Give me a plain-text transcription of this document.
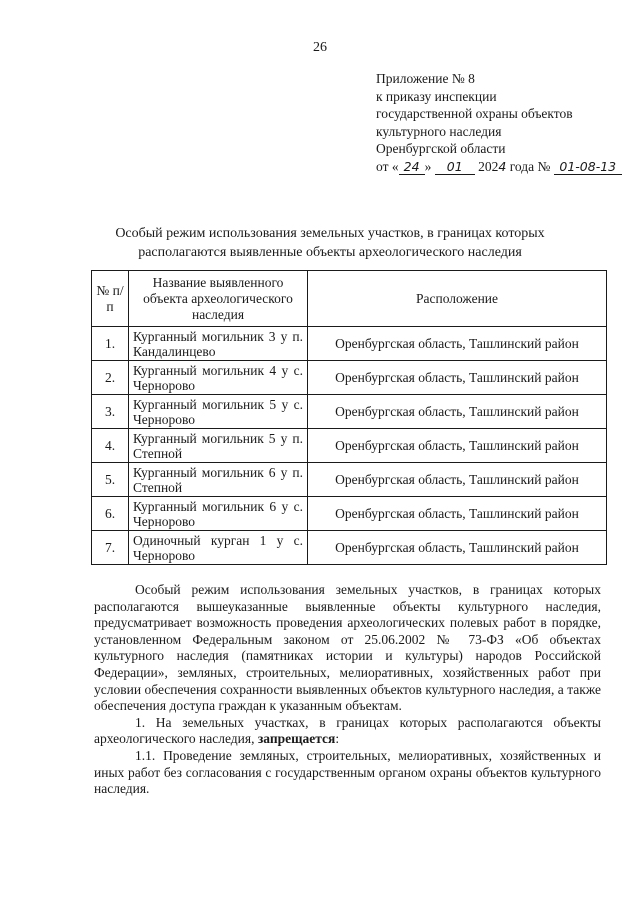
26
Приложение № 8
к приказу инспекции
государственной охраны объектов
культурного наследия
Оренбургской области
от « 24 » 01 2024 года № 01-08-13
Особый режим использования земельных участков, в границах которых
располагаются выявленные объекты археологического наследия
№ п/п	Название выявленного объекта археологического наследия	Расположение
1.	Курганный могильник 3 у п. Кандалинцево	Оренбургская область, Ташлинский район
2.	Курганный могильник 4 у с. Чернорово	Оренбургская область, Ташлинский район
3.	Курганный могильник 5 у с. Чернорово	Оренбургская область, Ташлинский район
4.	Курганный могильник 5 у п. Степной	Оренбургская область, Ташлинский район
5.	Курганный могильник 6 у п. Степной	Оренбургская область, Ташлинский район
6.	Курганный могильник 6 у с. Чернорово	Оренбургская область, Ташлинский район
7.	Одиночный курган 1 у с. Чернорово	Оренбургская область, Ташлинский район

Особый режим использования земельных участков, в границах которых располагаются вышеуказанные выявленные объекты культурного наследия, предусматривает возможность проведения археологических полевых работ в порядке, установленном Федеральным законом от 25.06.2002 № 73-ФЗ «Об объектах культурного наследия (памятниках истории и культуры) народов Российской Федерации», земляных, строительных, мелиоративных, хозяйственных работ при условии обеспечения сохранности выявленных объектов культурного наследия, а также обеспечения доступа граждан к указанным объектам.

1. На земельных участках, в границах которых располагаются объекты археологического наследия, запрещается:

1.1. Проведение земляных, строительных, мелиоративных, хозяйственных и иных работ без согласования с государственным органом охраны объектов культурного наследия.
